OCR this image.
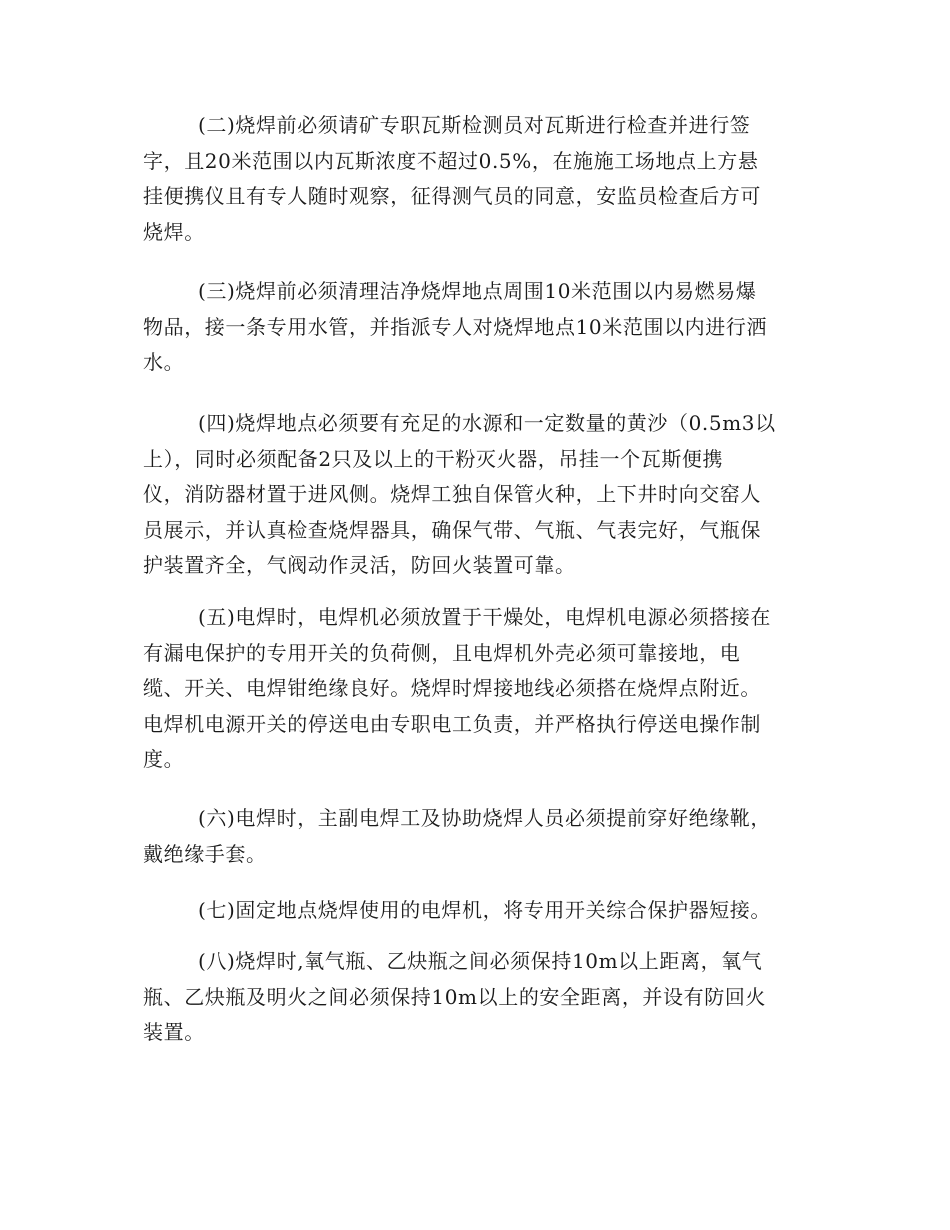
(二)烧焊前必须请矿专职瓦斯检测员对瓦斯进行检查并进行签
字，且20米范围以内瓦斯浓度不超过0.5%，在施施工场地点上方悬
挂便携仪且有专人随时观察，征得测气员的同意，安监员检查后方可
烧焊。
(三)烧焊前必须清理洁净烧焊地点周围10米范围以内易燃易爆
物品，接一条专用水管，并指派专人对烧焊地点10米范围以内进行洒
水。
(四)烧焊地点必须要有充足的水源和一定数量的黄沙（0.5m3以
上），同时必须配备2只及以上的干粉灭火器，吊挂一个瓦斯便携
仪，消防器材置于进风侧。烧焊工独自保管火种，上下井时向交窑人
员展示，并认真检查烧焊器具，确保气带、气瓶、气表完好，气瓶保
护装置齐全，气阀动作灵活，防回火装置可靠。
(五)电焊时，电焊机必须放置于干燥处，电焊机电源必须搭接在
有漏电保护的专用开关的负荷侧，且电焊机外壳必须可靠接地，电
缆、开关、电焊钳绝缘良好。烧焊时焊接地线必须搭在烧焊点附近。
电焊机电源开关的停送电由专职电工负责，并严格执行停送电操作制
度。
(六)电焊时，主副电焊工及协助烧焊人员必须提前穿好绝缘靴，
戴绝缘手套。
(七)固定地点烧焊使用的电焊机，将专用开关综合保护器短接。
(八)烧焊时,氧气瓶、乙炔瓶之间必须保持10m以上距离，氧气
瓶、乙炔瓶及明火之间必须保持10m以上的安全距离，并设有防回火
装置。
